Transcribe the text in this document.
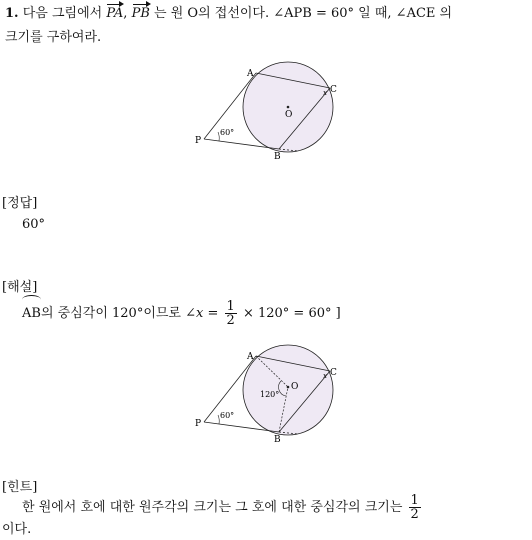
1. 다음 그림에서 PA, PB 는 원 O의 접선이다. ∠APB = 60° 일 때, ∠ACE 의
크기를 구하여라.
A
C
O
P
B
60°
x
[정답]
60°
[해설]
AB의 중심각이 120°이므로 ∠x = $\frac{1}{2} \times 120^\circ = 60^\circ$ ]
A
C
O
P
B
60°
120°
x
[힌트]
한 원에서 호에 대한 원주각의 크기는 그 호에 대한 중심각의 크기는 $\frac{1}{2}$
이다.
